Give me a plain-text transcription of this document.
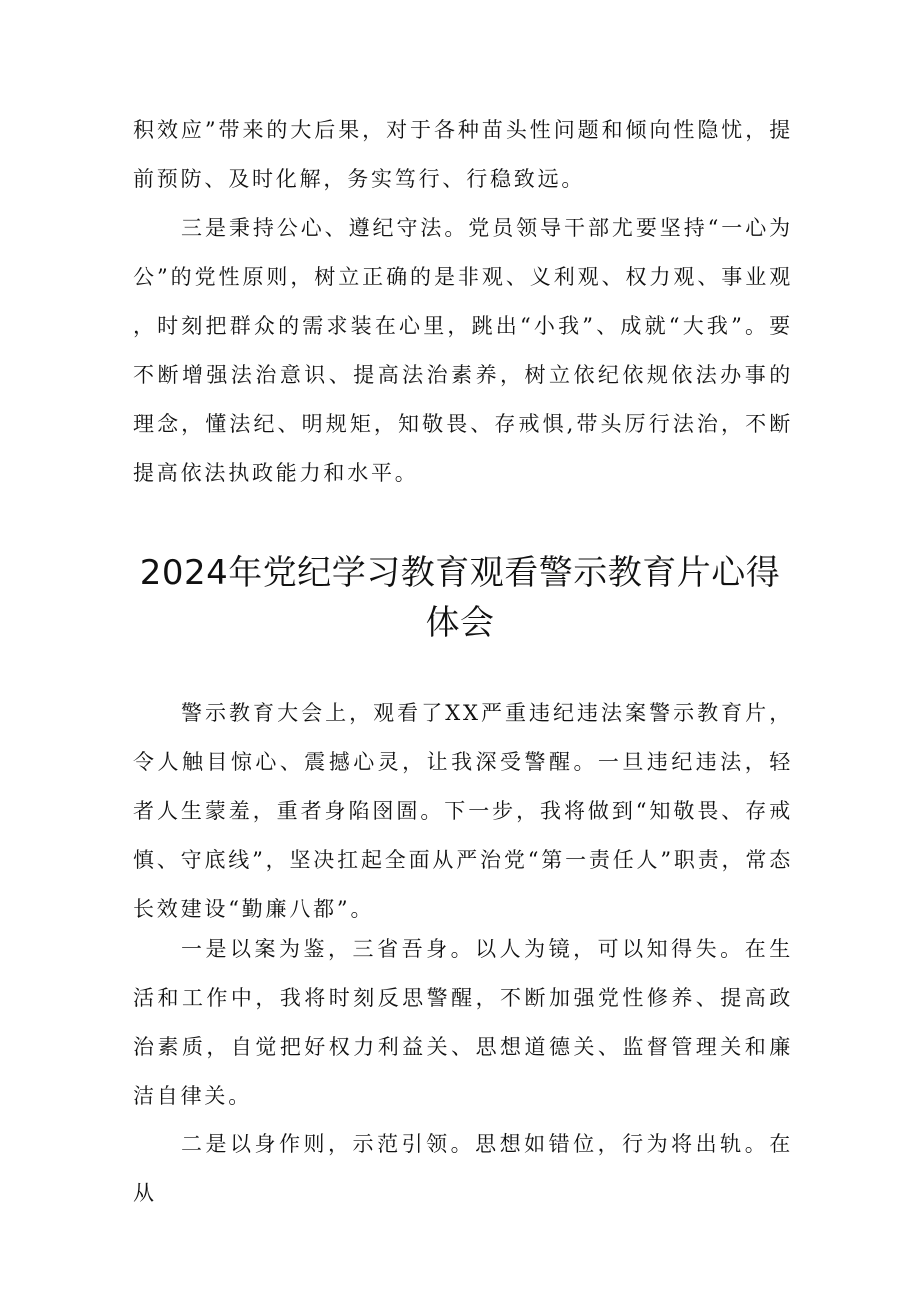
积效应”带来的大后果，对于各种苗头性问题和倾向性隐忧，提前预防、及时化解，务实笃行、行稳致远。

三是秉持公心、遵纪守法。党员领导干部尤要坚持“一心为公”的党性原则，树立正确的是非观、义利观、权力观、事业观，时刻把群众的需求装在心里，跳出“小我”、成就“大我”。要不断增强法治意识、提高法治素养，树立依纪依规依法办事的理念，懂法纪、明规矩，知敬畏、存戒惧,带头厉行法治，不断提高依法执政能力和水平。

2024年党纪学习教育观看警示教育片心得
体会

警示教育大会上，观看了XX严重违纪违法案警示教育片，令人触目惊心、震撼心灵，让我深受警醒。一旦违纪违法，轻者人生蒙羞，重者身陷囹圄。下一步，我将做到“知敬畏、存戒慎、守底线”，坚决扛起全面从严治党“第一责任人”职责，常态长效建设“勤廉八都”。

一是以案为鉴，三省吾身。以人为镜，可以知得失。在生活和工作中，我将时刻反思警醒，不断加强党性修养、提高政治素质，自觉把好权力利益关、思想道德关、监督管理关和廉洁自律关。

二是以身作则，示范引领。思想如错位，行为将出轨。在从
